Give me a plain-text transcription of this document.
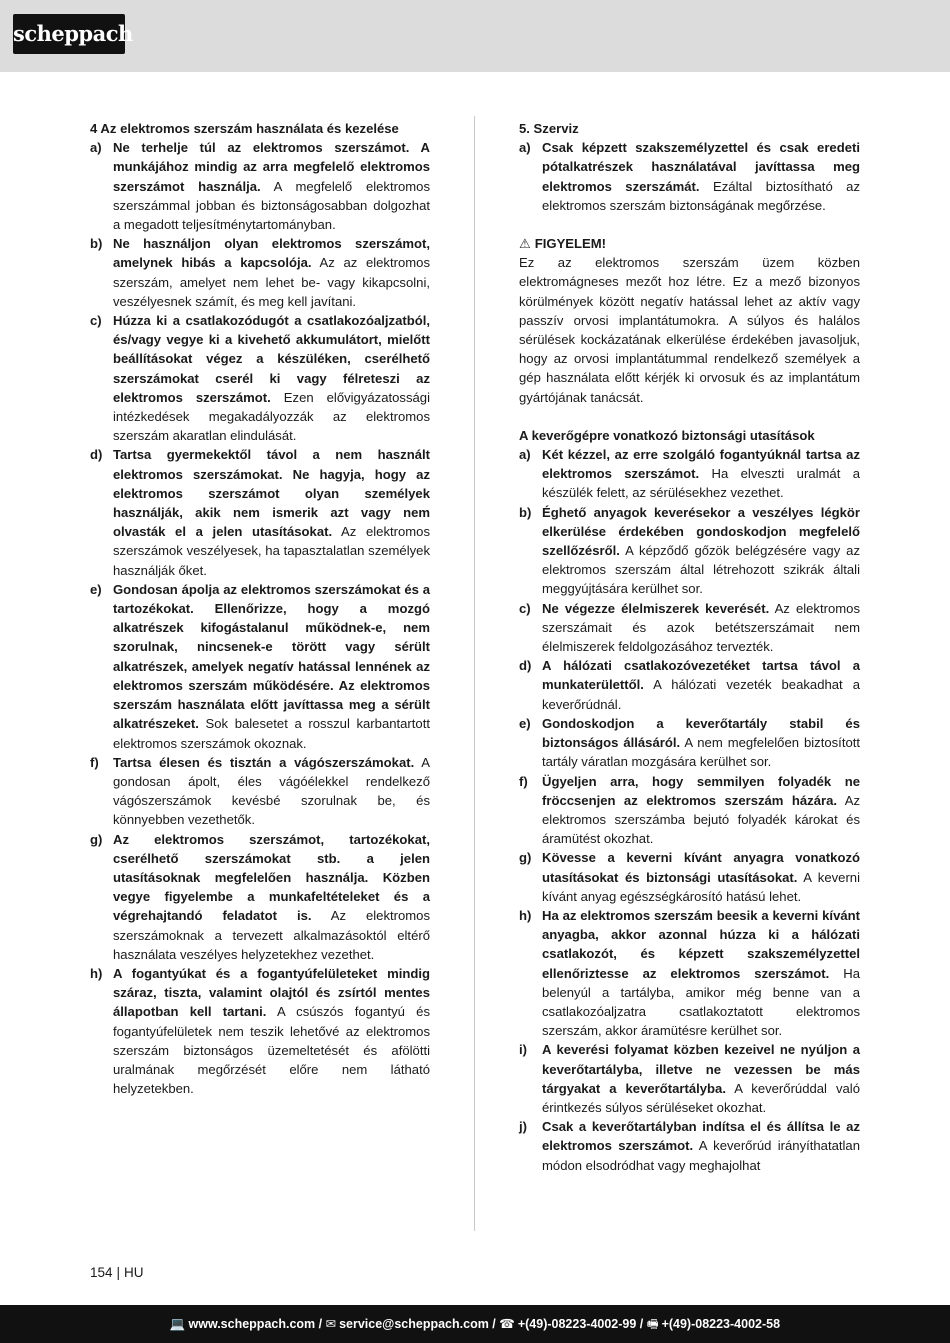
scheppach
4 Az elektromos szerszám használata és kezelése
a) Ne terhelje túl az elektromos szerszámot. A munkájához mindig az arra megfelelő elektromos szerszámot használja. A megfelelő elektromos szerszámmal jobban és biztonságosabban dolgozhat a megadott teljesítménytartományban.
b) Ne használjon olyan elektromos szerszámot, amelynek hibás a kapcsolója. Az az elektromos szerszám, amelyet nem lehet be- vagy kikapcsolni, veszélyesnek számít, és meg kell javítani.
c) Húzza ki a csatlakozódugót a csatlakozóaljzatból, és/vagy vegye ki a kivehető akkumulátort, mielőtt beállításokat végez a készüléken, cserélhető szerszámokat cserél ki vagy félreteszi az elektromos szerszámot. Ezen elővigyázatossági intézkedések megakadályozzák az elektromos szerszám akaratlan elindulását.
d) Tartsa gyermekektől távol a nem használt elektromos szerszámokat. Ne hagyja, hogy az elektromos szerszámot olyan személyek használják, akik nem ismerik azt vagy nem olvasták el a jelen utasításokat. Az elektromos szerszámok veszélyesek, ha tapasztalatlan személyek használják őket.
e) Gondosan ápolja az elektromos szerszámokat és a tartozékokat. Ellenőrizze, hogy a mozgó alkatrészek kifogástalanul működnek-e, nem szorulnak, nincsenek-e törött vagy sérült alkatrészek, amelyek negatív hatással lennének az elektromos szerszám működésére. Az elektromos szerszám használata előtt javíttassa meg a sérült alkatrészeket. Sok balesetet a rosszul karbantartott elektromos szerszámok okoznak.
f) Tartsa élesen és tisztán a vágószerszámokat. A gondosan ápolt, éles vágóélekkel rendelkező vágószerszámok kevésbé szorulnak be, és könnyebben vezethetők.
g) Az elektromos szerszámot, tartozékokat, cserélhető szerszámokat stb. a jelen utasításoknak megfelelően használja. Közben vegye figyelembe a munkafeltételeket és a végrehajtandó feladatot is. Az elektromos szerszámoknak a tervezett alkalmazásoktól eltérő használata veszélyes helyzetekhez vezethet.
h) A fogantyúkat és a fogantyúfelületeket mindig száraz, tiszta, valamint olajtól és zsírtól mentes állapotban kell tartani. A csúszós fogantyú és fogantyúfelületek nem teszik lehetővé az elektromos szerszám biztonságos üzemeltetését és afölötti uralmának megőrzését előre nem látható helyzetekben.
5. Szerviz
a) Csak képzett szakszemélyzettel és csak eredeti pótalkatrészek használatával javíttassa meg elektromos szerszámát. Ezáltal biztosítható az elektromos szerszám biztonságának megőrzése.
⚠ FIGYELEM!
Ez az elektromos szerszám üzem közben elektromágneses mezőt hoz létre. Ez a mező bizonyos körülmények között negatív hatással lehet az aktív vagy passzív orvosi implantátumokra. A súlyos és halálos sérülések kockázatának elkerülése érdekében javasoljuk, hogy az orvosi implantátummal rendelkező személyek a gép használata előtt kérjék ki orvosuk és az implantátum gyártójának tanácsát.
A keverőgépre vonatkozó biztonsági utasítások
a) Két kézzel, az erre szolgáló fogantyúknál tartsa az elektromos szerszámot. Ha elveszti uralmát a készülék felett, az sérülésekhez vezethet.
b) Éghető anyagok keverésekor a veszélyes légkör elkerülése érdekében gondoskodjon megfelelő szellőzésről. A képződő gőzök belégzésére vagy az elektromos szerszám által létrehozott szikrák általi meggyújtására kerülhet sor.
c) Ne végezze élelmiszerek keverését. Az elektromos szerszámait és azok betétszerszámait nem élelmiszerek feldolgozásához tervezték.
d) A hálózati csatlakozóvezetéket tartsa távol a munkaterülettől. A hálózati vezeték beakadhat a keverőrúdnál.
e) Gondoskodjon a keverőtartály stabil és biztonságos állásáról. A nem megfelelően biztosított tartály váratlan mozgására kerülhet sor.
f) Ügyeljen arra, hogy semmilyen folyadék ne fröccsenjen az elektromos szerszám házára. Az elektromos szerszámba bejutó folyadék károkat és áramütést okozhat.
g) Kövesse a keverni kívánt anyagra vonatkozó utasításokat és biztonsági utasításokat. A keverni kívánt anyag egészségkárosító hatású lehet.
h) Ha az elektromos szerszám beesik a keverni kívánt anyagba, akkor azonnal húzza ki a hálózati csatlakozót, és képzett szakszemélyzettel ellenőriztesse az elektromos szerszámot. Ha belenyúl a tartályba, amikor még benne van a csatlakozóaljzatra csatlakoztatott elektromos szerszám, akkor áramütésre kerülhet sor.
i) A keverési folyamat közben kezeivel ne nyúljon a keverőtartályba, illetve ne vezessen be más tárgyakat a keverőtartályba. A keverőrúddal való érintkezés súlyos sérüléseket okozhat.
j) Csak a keverőtartályban indítsa el és állítsa le az elektromos szerszámot. A keverőrúd irányíthatatlan módon elsodródhat vagy meghajolhat
154 | HU
💻 www.scheppach.com / ✉ service@scheppach.com / ☎ +(49)-08223-4002-99 / 🖷 +(49)-08223-4002-58
